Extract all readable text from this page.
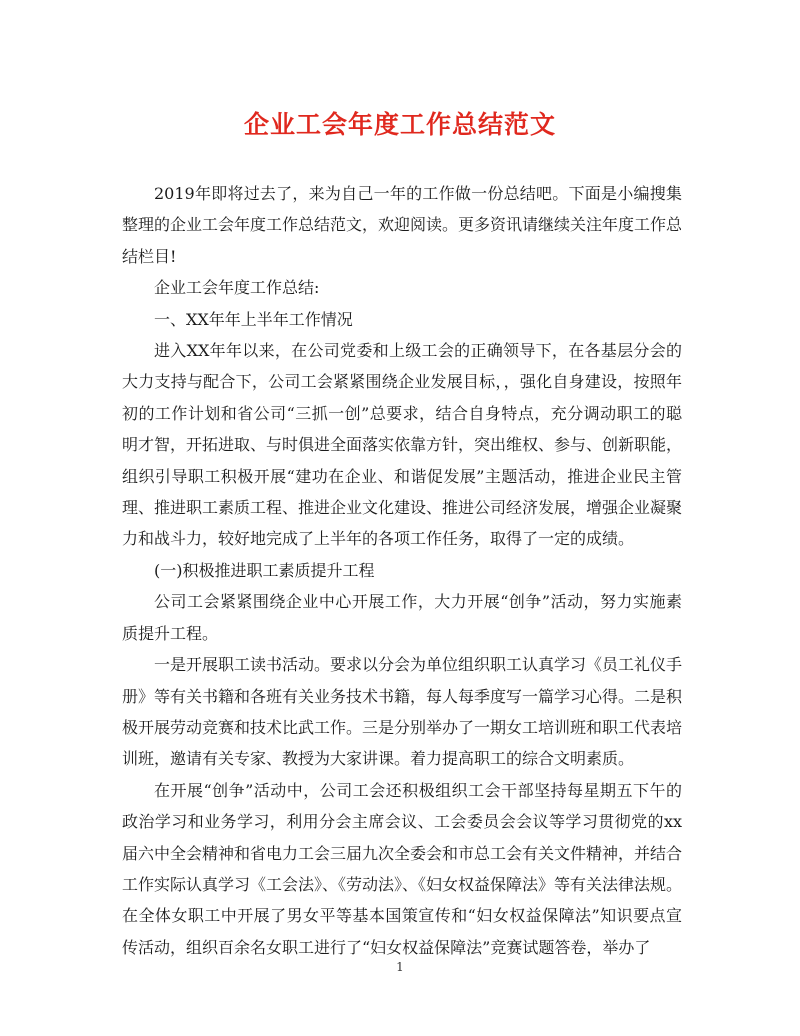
企业工会年度工作总结范文

2019年即将过去了，来为自己一年的工作做一份总结吧。下面是小编搜集整理的企业工会年度工作总结范文，欢迎阅读。更多资讯请继续关注年度工作总结栏目!

企业工会年度工作总结:

一、XX年年上半年工作情况

进入XX年年以来，在公司党委和上级工会的正确领导下，在各基层分会的大力支持与配合下，公司工会紧紧围绕企业发展目标，，强化自身建设，按照年初的工作计划和省公司“三抓一创”总要求，结合自身特点，充分调动职工的聪明才智，开拓进取、与时俱进全面落实依靠方针，突出维权、参与、创新职能，组织引导职工积极开展“建功在企业、和谐促发展”主题活动，推进企业民主管理、推进职工素质工程、推进企业文化建设、推进公司经济发展，增强企业凝聚力和战斗力，较好地完成了上半年的各项工作任务，取得了一定的成绩。

(一)积极推进职工素质提升工程

公司工会紧紧围绕企业中心开展工作，大力开展“创争”活动，努力实施素质提升工程。

一是开展职工读书活动。要求以分会为单位组织职工认真学习《员工礼仪手册》等有关书籍和各班有关业务技术书籍，每人每季度写一篇学习心得。二是积极开展劳动竞赛和技术比武工作。三是分别举办了一期女工培训班和职工代表培训班，邀请有关专家、教授为大家讲课。着力提高职工的综合文明素质。

在开展“创争”活动中，公司工会还积极组织工会干部坚持每星期五下午的政治学习和业务学习，利用分会主席会议、工会委员会会议等学习贯彻党的xx届六中全会精神和省电力工会三届九次全委会和市总工会有关文件精神，并结合工作实际认真学习《工会法》、《劳动法》、《妇女权益保障法》等有关法律法规。在全体女职工中开展了男女平等基本国策宣传和“妇女权益保障法”知识要点宣传活动，组织百余名女职工进行了“妇女权益保障法”竞赛试题答卷，举办了

1
